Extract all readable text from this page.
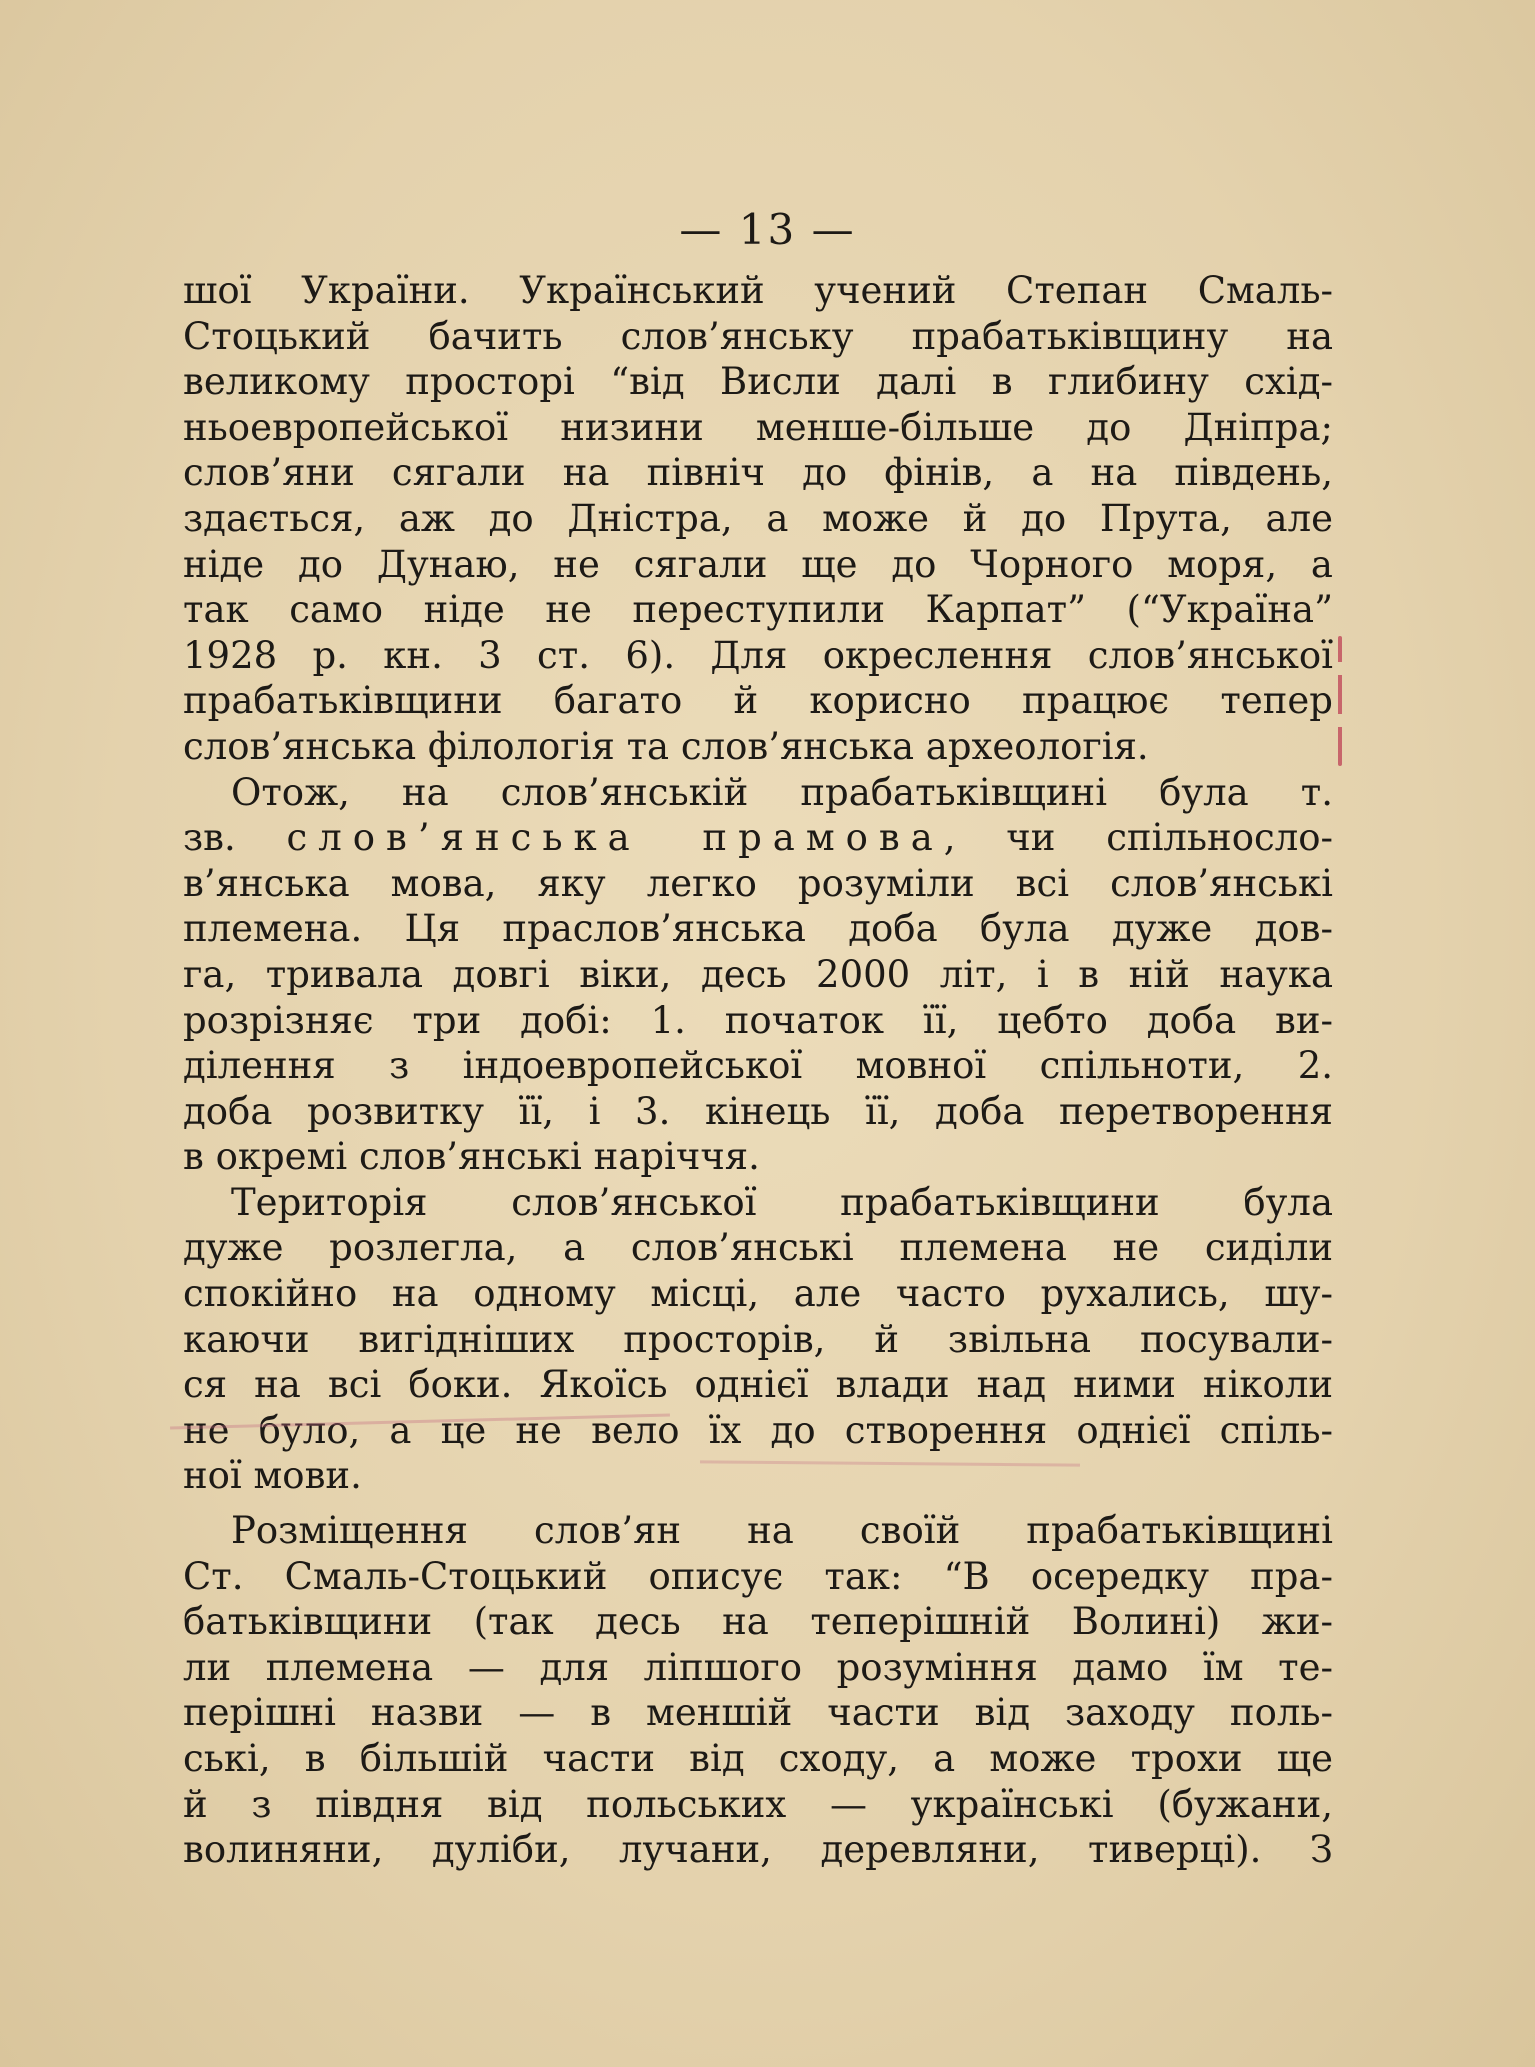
— 13 —
шої України. Український учений Степан Смаль-
Стоцький бачить слов’янську прабатьківщину на
великому просторі “від Висли далі в глибину схід-
ньоевропейської низини менше-більше до Дніпра;
слов’яни сягали на північ до фінів, а на південь,
здається, аж до Дністра, а може й до Прута, але
ніде до Дунаю, не сягали ще до Чорного моря, а
так само ніде не переступили Карпат” (“Україна”
1928 р. кн. 3 ст. 6). Для окреслення слов’янської
прабатьківщини багато й корисно працює тепер
слов’янська філологія та слов’янська археологія.
Отож, на слов’янській прабатьківщині була т.
зв. слов’янська прамова, чи спільносло-
в’янська мова, яку легко розуміли всі слов’янські
племена. Ця праслов’янська доба була дуже дов-
га, тривала довгі віки, десь 2000 літ, і в ній наука
розрізняє три добі: 1. початок її, цебто доба ви-
ділення з індоевропейської мовної спільноти, 2.
доба розвитку її, і 3. кінець її, доба перетворення
в окремі слов’янські наріччя.
Територія слов’янської прабатьківщини була
дуже розлегла, а слов’янські племена не сиділи
спокійно на одному місці, але часто рухались, шу-
каючи вигідніших просторів, й звільна посували-
ся на всі боки. Якоїсь однієї влади над ними ніколи
не було, а це не вело їх до створення однієї спіль-
ної мови.
Розміщення слов’ян на своїй прабатьківщині
Ст. Смаль-Стоцький описує так: “В осередку пра-
батьківщини (так десь на теперішній Волині) жи-
ли племена — для ліпшого розуміння дамо їм те-
перішні назви — в меншій части від заходу поль-
ські, в більшій части від сходу, а може трохи ще
й з півдня від польських — українські (бужани,
волиняни, дуліби, лучани, деревляни, тиверці). З
